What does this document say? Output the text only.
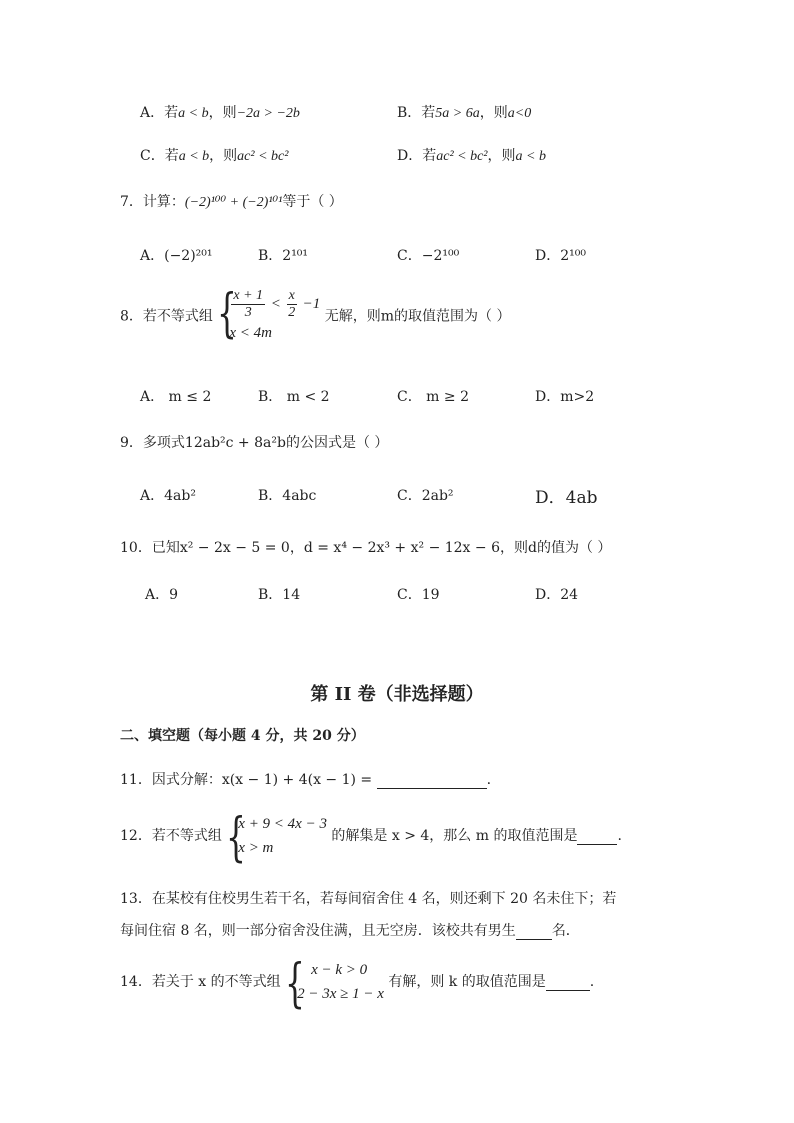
A．若a < b，则−2a > −2b	B．若5a > 6a，则a<0
C．若a < b，则ac² < bc²	D．若ac² < bc²，则a < b
7．计算：(−2)¹⁰⁰ + (−2)¹⁰¹等于（ ）
A．(−2)²⁰¹	B．2¹⁰¹	C．−2¹⁰⁰	D．2¹⁰⁰
8．若不等式组 {
$\frac{x + 1}{3} < \frac{x}{2} -1$
x < 4m
无解，则m的取值范围为（ ）
A． m ≤ 2	B． m < 2	C． m ≥ 2	D．m>2
9．多项式12ab²c + 8a²b的公因式是（ ）
A．4ab²	B．4abc	C．2ab²	D．4ab
10．已知x² − 2x − 5 = 0，d = x⁴ − 2x³ + x² − 12x − 6，则d的值为（ ）
A．9	B．14	C．19	D．24
第 II 卷（非选择题）
二、填空题（每小题 4 分，共 20 分）
11．因式分解：x(x − 1) + 4(x − 1) =	.
12．若不等式组 {
x + 9 < 4x − 3
x > m
的解集是 x > 4，那么 m 的取值范围是	.
13．在某校有住校男生若干名，若每间宿舍住 4 名，则还剩下 20 名未住下；若
每间住宿 8 名，则一部分宿舍没住满，且无空房．该校共有男生	名．
14．若关于 x 的不等式组 { x − k > 0
2 − 3x ≥ 1 − x
有解，则 k 的取值范围是	.
